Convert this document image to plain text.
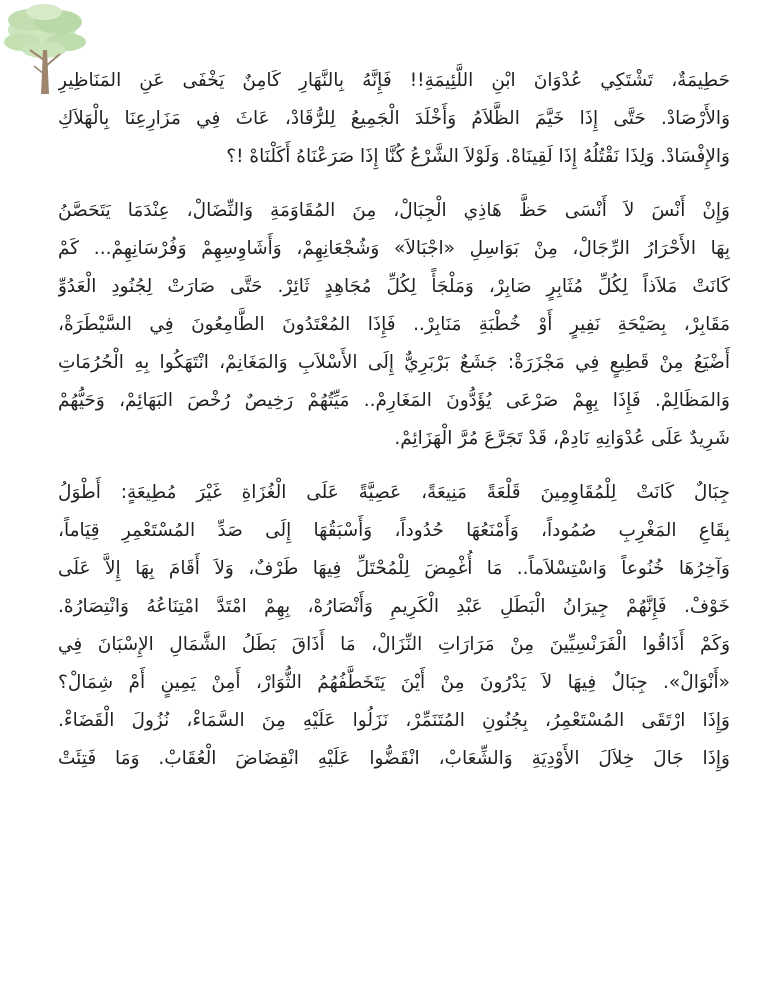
حَطِيمَةٌ، تَشْتَكِي عُدْوَانَ ابْنِ اللَّئِيمَةِ!! فَإِنَّهُ بِالنَّهَارِ كَامِنٌ يَخْفَى عَنِ المَنَاظِيرِ
وَالأَرْصَادْ. حَتَّى إِذَا خَيَّمَ الظَّلاَمُ وَأَخْلَدَ الْجَمِيعُ لِلرُّقَادْ، عَاثَ فِي مَزَارِعِنَا بِالْهَلاَكِ
وَالإِفْسَادْ. وَلِذَا نَقْتُلُهُ إِذَا لَقِينَاهْ. وَلَوْلاَ الشَّرْعُ كُنَّا إِذَا صَرَعْنَاهُ أَكَلْنَاهْ !؟
وَإِنْ أَنْسَ لاَ أَنْسَى حَظَّ هَاذِي الْجِبَالْ، مِنَ المُقَاوَمَةِ وَالنِّضَالْ، عِنْدَمَا يَتَحَصَّنُ
بِهَا الأَحْرَارُ الرِّجَالْ، مِنْ بَوَاسِلِ «اجْبَالاَ» وَشُجْعَانِهِمْ، وَأَشَاوِسِهِمْ وَفُرْسَانِهِمْ... كَمْ
كَانَتْ مَلاَذاً لِكُلِّ مُثَابِرٍ صَابِرْ، وَمَلْجَأً لِكُلِّ مُجَاهِدٍ ثَائِرْ. حَتَّى صَارَتْ لِجُنُودِ الْعَدُوِّ
مَقَابِرْ، بِصَيْحَةِ نَفِيرٍ أَوْ خُطْبَةِ مَنَابِرْ.. فَإِذَا المُعْتَدُونَ الطَّامِعُونَ فِي السَّيْطَرَةْ،
أَضْيَعُ مِنْ قَطِيعٍ فِي مَجْزَرَةْ: جَشَعٌ بَرْبَرِيٌّ إِلَى الأَسْلاَبِ وَالمَغَانِمْ، انْتَهَكُوا بِهِ الْحُرُمَاتِ
وَالمَظَالِمْ. فَإِذَا بِهِمْ صَرْعَى يُؤَدُّونَ المَغَارِمْ.. مَيِّتُهُمْ رَخِيصٌ رُخْصَ البَهَائِمْ، وَحَيُّهُمْ
شَرِيدٌ عَلَى عُدْوَانِهِ نَادِمْ، قَدْ تَجَرَّعَ مُرَّ الْهَزَائِمْ.
جِبَالٌ كَانَتْ لِلْمُقَاوِمِينَ قَلْعَةً مَنِيعَةً، عَصِيَّةً عَلَى الْغُزَاةِ غَيْرَ مُطِيعَةٍ: أَطْوَلُ
بِقَاعِ المَغْرِبِ صُمُوداً، وَأَمْنَعُهَا حُدُوداً، وَأَسْبَقُهَا إِلَى صَدِّ المُسْتَعْمِرِ قِيَاماً،
وَآخِرُهَا خُنُوعاً وَاسْتِسْلاَماً.. مَا أُغْمِضَ لِلْمُحْتَلِّ فِيهَا طَرْفٌ، وَلاَ أَقَامَ بِهَا إِلاَّ عَلَى
خَوْفْ. فَإِنَّهُمْ جِيرَانُ الْبَطَلِ عَبْدِ الْكَرِيمِ وَأَنْصَارُهْ، بِهِمْ امْتَدَّ امْتِنَاعُهُ وَانْتِصَارُهْ.
وَكَمْ أَذَاقُوا الْفَرَنْسِيِّينَ مِنْ مَرَارَاتِ النِّزَالْ، مَا أَذَاقَ بَطَلُ الشَّمَالِ الإِسْبَانَ فِي
«أَنْوَالْ». جِبَالٌ فِيهَا لاَ يَدْرُونَ مِنْ أَيْنَ يَتَخَطَّفُهُمُ الثُّوَارْ، أَمِنْ يَمِينٍ أَمْ شِمَالْ؟
وَإِذَا ارْتَقَى المُسْتَعْمِرُ، بِجُنُونِ المُتَنَمِّرْ، نَزَلُوا عَلَيْهِ مِنَ السَّمَاءْ، نُزُولَ الْقَضَاءْ.
وَإِذَا جَالَ خِلاَلَ الأَوْدِيَةِ وَالشِّعَابْ، انْقَضُّوا عَلَيْهِ انْقِضَاضَ الْعُقَابْ. وَمَا فَتِئَتْ
